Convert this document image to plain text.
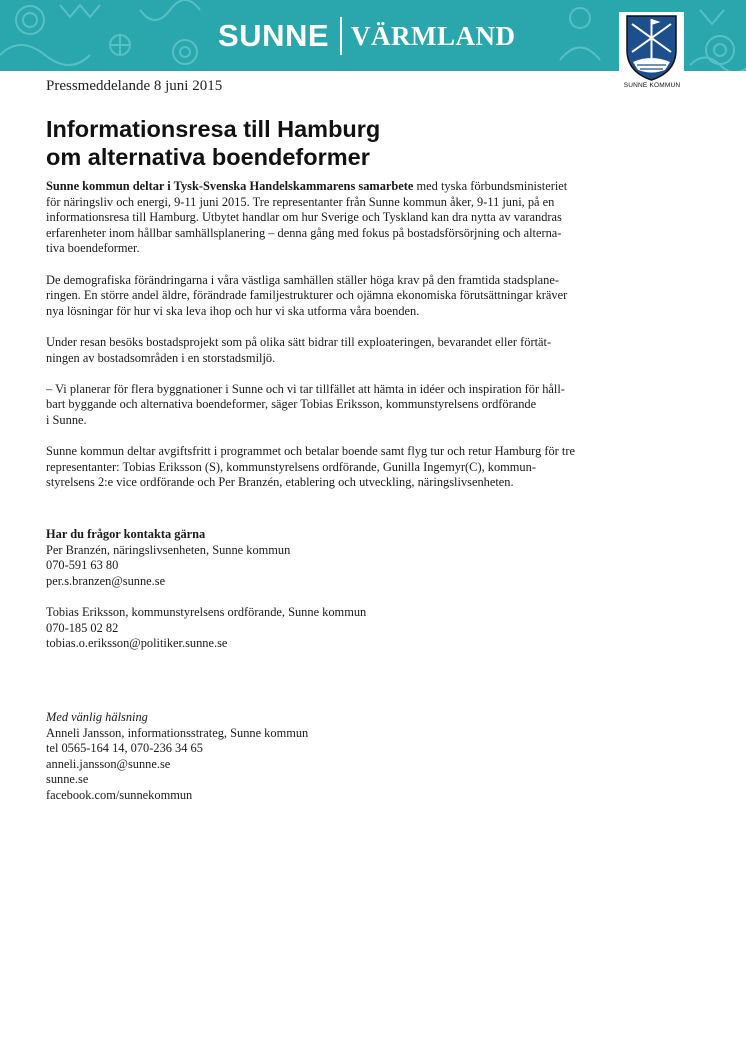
SUNNE VÄRMLAND
SUNNE KOMMUN
Pressmeddelande 8 juni 2015
Informationsresa till Hamburg
om alternativa boendeformer

Sunne kommun deltar i Tysk-Svenska Handelskammarens samarbete med tyska förbundsministeriet
för näringsliv och energi, 9-11 juni 2015. Tre representanter från Sunne kommun åker, 9-11 juni, på en
informationsresa till Hamburg. Utbytet handlar om hur Sverige och Tyskland kan dra nytta av varandras
erfarenheter inom hållbar samhällsplanering – denna gång med fokus på bostadsförsörjning och alterna-
tiva boendeformer.

De demografiska förändringarna i våra västliga samhällen ställer höga krav på den framtida stadsplane-
ringen. En större andel äldre, förändrade familjestrukturer och ojämna ekonomiska förutsättningar kräver
nya lösningar för hur vi ska leva ihop och hur vi ska utforma våra boenden.

Under resan besöks bostadsprojekt som på olika sätt bidrar till exploateringen, bevarandet eller förtät-
ningen av bostadsområden i en storstadsmiljö.

– Vi planerar för flera byggnationer i Sunne och vi tar tillfället att hämta in idéer och inspiration för håll-
bart byggande och alternativa boendeformer, säger Tobias Eriksson, kommunstyrelsens ordförande
i Sunne.

Sunne kommun deltar avgiftsfritt i programmet och betalar boende samt flyg tur och retur Hamburg för tre
representanter: Tobias Eriksson (S), kommunstyrelsens ordförande, Gunilla Ingemyr(C), kommun-
styrelsens 2:e vice ordförande och Per Branzén, etablering och utveckling, näringslivsenheten.

Har du frågor kontakta gärna
Per Branzén, näringslivsenheten, Sunne kommun
070-591 63 80
per.s.branzen@sunne.se
Tobias Eriksson, kommunstyrelsens ordförande, Sunne kommun
070-185 02 82
tobias.o.eriksson@politiker.sunne.se
Med vänlig hälsning
Anneli Jansson, informationsstrateg, Sunne kommun
tel 0565-164 14, 070-236 34 65
anneli.jansson@sunne.se
sunne.se
facebook.com/sunnekommun
